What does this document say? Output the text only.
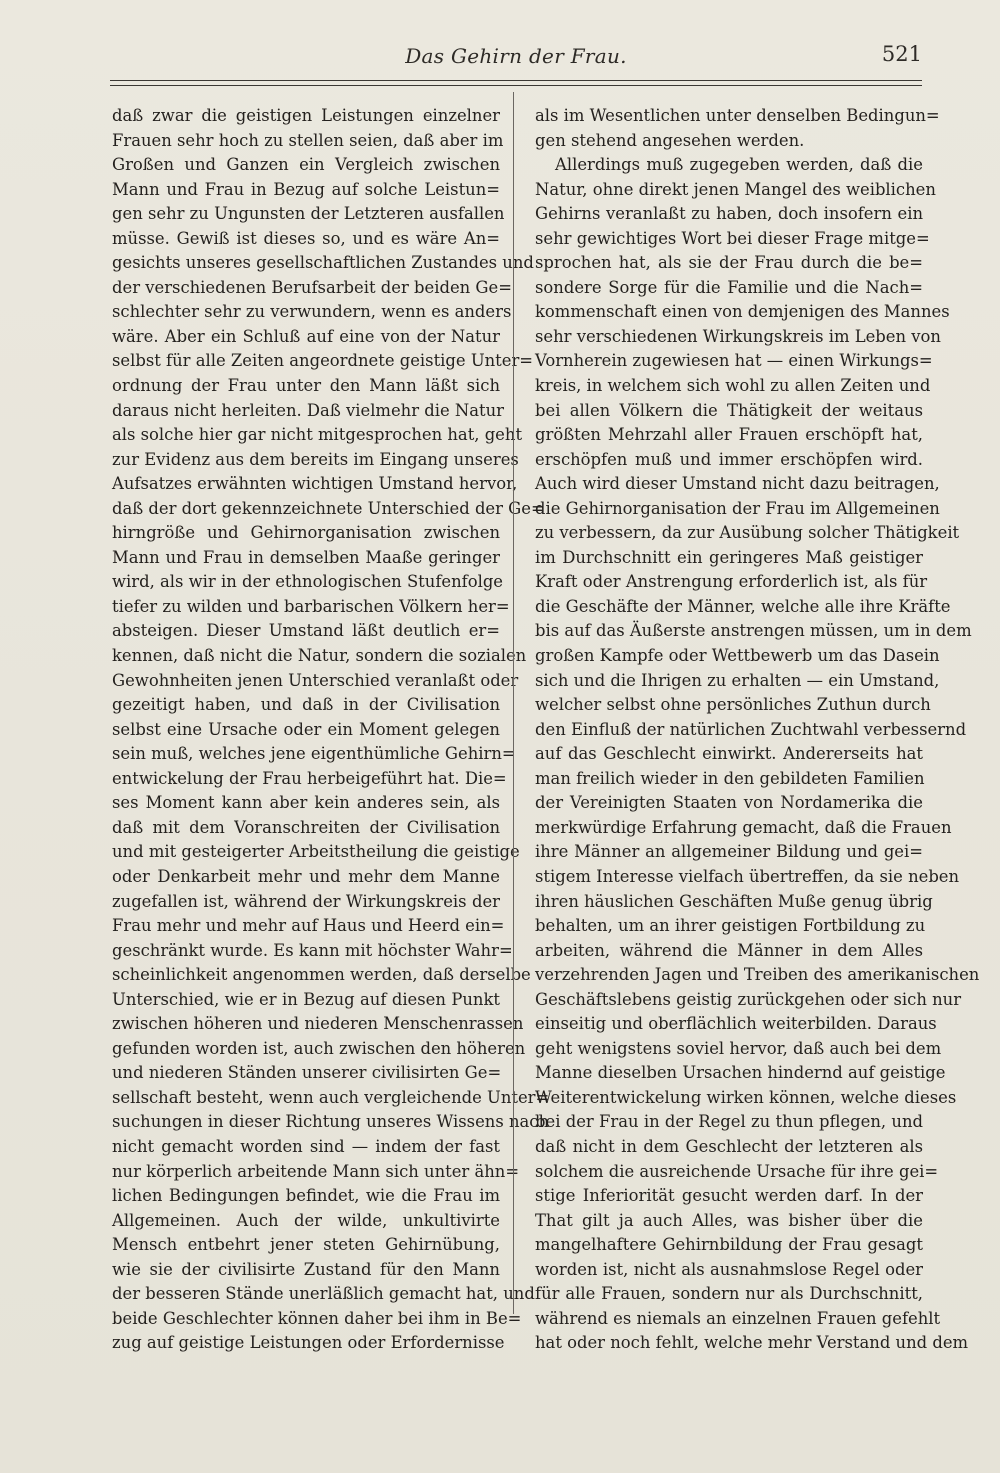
Das Gehirn der Frau.	521
daß zwar die geistigen Leistungen einzelner
Frauen sehr hoch zu stellen seien, daß aber im
Großen und Ganzen ein Vergleich zwischen
Mann und Frau in Bezug auf solche Leistun=
gen sehr zu Ungunsten der Letzteren ausfallen
müsse. Gewiß ist dieses so, und es wäre An=
gesichts unseres gesellschaftlichen Zustandes und
der verschiedenen Berufsarbeit der beiden Ge=
schlechter sehr zu verwundern, wenn es anders
wäre. Aber ein Schluß auf eine von der Natur
selbst für alle Zeiten angeordnete geistige Unter=
ordnung der Frau unter den Mann läßt sich
daraus nicht herleiten. Daß vielmehr die Natur
als solche hier gar nicht mitgesprochen hat, geht
zur Evidenz aus dem bereits im Eingang unseres
Aufsatzes erwähnten wichtigen Umstand hervor,
daß der dort gekennzeichnete Unterschied der Ge=
hirngröße und Gehirnorganisation zwischen
Mann und Frau in demselben Maaße geringer
wird, als wir in der ethnologischen Stufenfolge
tiefer zu wilden und barbarischen Völkern her=
absteigen. Dieser Umstand läßt deutlich er=
kennen, daß nicht die Natur, sondern die sozialen
Gewohnheiten jenen Unterschied veranlaßt oder
gezeitigt haben, und daß in der Civilisation
selbst eine Ursache oder ein Moment gelegen
sein muß, welches jene eigenthümliche Gehirn=
entwickelung der Frau herbeigeführt hat. Die=
ses Moment kann aber kein anderes sein, als
daß mit dem Voranschreiten der Civilisation
und mit gesteigerter Arbeitstheilung die geistige
oder Denkarbeit mehr und mehr dem Manne
zugefallen ist, während der Wirkungskreis der
Frau mehr und mehr auf Haus und Heerd ein=
geschränkt wurde. Es kann mit höchster Wahr=
scheinlichkeit angenommen werden, daß derselbe
Unterschied, wie er in Bezug auf diesen Punkt
zwischen höheren und niederen Menschenrassen
gefunden worden ist, auch zwischen den höheren
und niederen Ständen unserer civilisirten Ge=
sellschaft besteht, wenn auch vergleichende Unter=
suchungen in dieser Richtung unseres Wissens nach
nicht gemacht worden sind — indem der fast
nur körperlich arbeitende Mann sich unter ähn=
lichen Bedingungen befindet, wie die Frau im
Allgemeinen. Auch der wilde, unkultivirte
Mensch entbehrt jener steten Gehirnübung,
wie sie der civilisirte Zustand für den Mann
der besseren Stände unerläßlich gemacht hat, und
beide Geschlechter können daher bei ihm in Be=
zug auf geistige Leistungen oder Erfordernisse
als im Wesentlichen unter denselben Bedingun=
gen stehend angesehen werden.
Allerdings muß zugegeben werden, daß die
Natur, ohne direkt jenen Mangel des weiblichen
Gehirns veranlaßt zu haben, doch insofern ein
sehr gewichtiges Wort bei dieser Frage mitge=
sprochen hat, als sie der Frau durch die be=
sondere Sorge für die Familie und die Nach=
kommenschaft einen von demjenigen des Mannes
sehr verschiedenen Wirkungskreis im Leben von
Vornherein zugewiesen hat — einen Wirkungs=
kreis, in welchem sich wohl zu allen Zeiten und
bei allen Völkern die Thätigkeit der weitaus
größten Mehrzahl aller Frauen erschöpft hat,
erschöpfen muß und immer erschöpfen wird.
Auch wird dieser Umstand nicht dazu beitragen,
die Gehirnorganisation der Frau im Allgemeinen
zu verbessern, da zur Ausübung solcher Thätigkeit
im Durchschnitt ein geringeres Maß geistiger
Kraft oder Anstrengung erforderlich ist, als für
die Geschäfte der Männer, welche alle ihre Kräfte
bis auf das Äußerste anstrengen müssen, um in dem
großen Kampfe oder Wettbewerb um das Dasein
sich und die Ihrigen zu erhalten — ein Umstand,
welcher selbst ohne persönliches Zuthun durch
den Einfluß der natürlichen Zuchtwahl verbessernd
auf das Geschlecht einwirkt. Andererseits hat
man freilich wieder in den gebildeten Familien
der Vereinigten Staaten von Nordamerika die
merkwürdige Erfahrung gemacht, daß die Frauen
ihre Männer an allgemeiner Bildung und gei=
stigem Interesse vielfach übertreffen, da sie neben
ihren häuslichen Geschäften Muße genug übrig
behalten, um an ihrer geistigen Fortbildung zu
arbeiten, während die Männer in dem Alles
verzehrenden Jagen und Treiben des amerikanischen
Geschäftslebens geistig zurückgehen oder sich nur
einseitig und oberflächlich weiterbilden. Daraus
geht wenigstens soviel hervor, daß auch bei dem
Manne dieselben Ursachen hindernd auf geistige
Weiterentwickelung wirken können, welche dieses
bei der Frau in der Regel zu thun pflegen, und
daß nicht in dem Geschlecht der letzteren als
solchem die ausreichende Ursache für ihre gei=
stige Inferiorität gesucht werden darf. In der
That gilt ja auch Alles, was bisher über die
mangelhaftere Gehirnbildung der Frau gesagt
worden ist, nicht als ausnahmslose Regel oder
für alle Frauen, sondern nur als Durchschnitt,
während es niemals an einzelnen Frauen gefehlt
hat oder noch fehlt, welche mehr Verstand und dem
